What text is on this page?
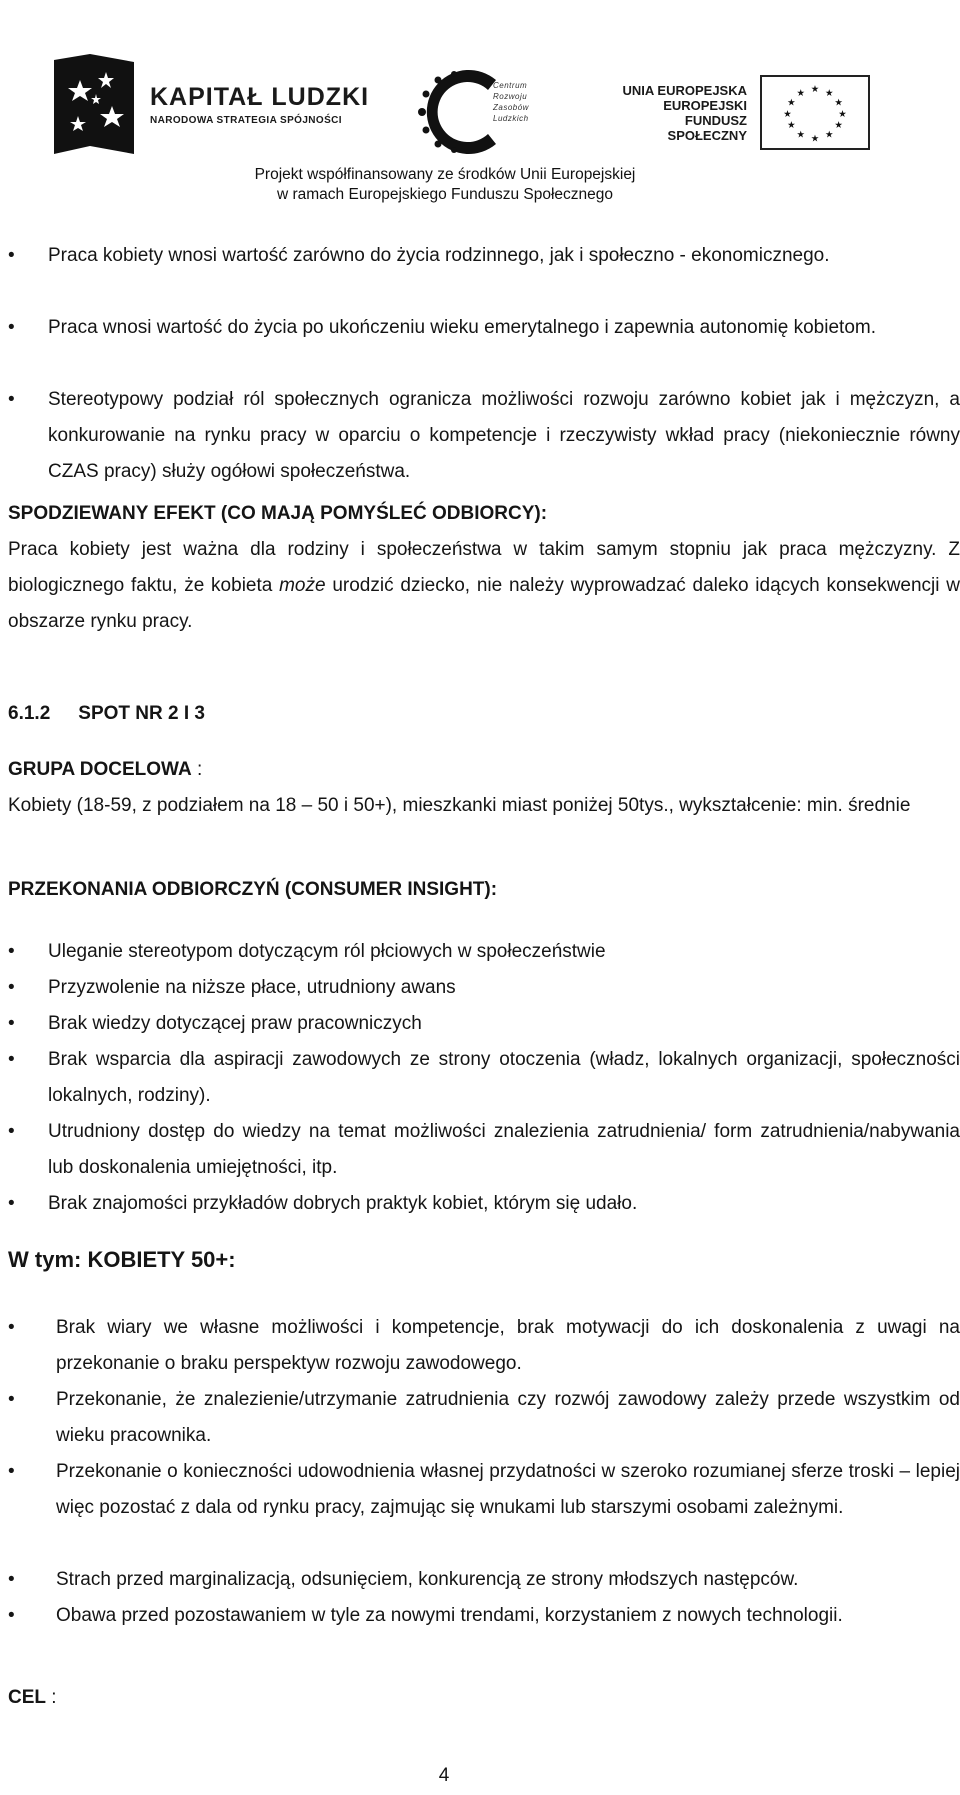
KAPITAŁ LUDZKI
NARODOWA STRATEGIA SPÓJNOŚCI
Centrum
Rozwoju
Zasobów
Ludzkich
UNIA EUROPEJSKA
EUROPEJSKI
FUNDUSZ SPOŁECZNY
★ ★
★
★
★
★
★
★
★
★
★
★
Projekt współfinansowany ze środków Unii Europejskiej
w ramach Europejskiego Funduszu Społecznego
• Praca kobiety wnosi wartość zarówno do życia rodzinnego, jak i społeczno - ekonomicznego.
• Praca wnosi wartość do życia po ukończeniu wieku emerytalnego i zapewnia autonomię kobietom.
• Stereotypowy podział ról społecznych ogranicza możliwości rozwoju zarówno kobiet jak i mężczyzn, a konkurowanie na rynku pracy w oparciu o kompetencje i rzeczywisty wkład pracy (niekoniecznie równy CZAS pracy) służy ogółowi społeczeństwa.
SPODZIEWANY EFEKT (CO MAJĄ POMYŚLEĆ ODBIORCY):
Praca kobiety jest ważna dla rodziny i społeczeństwa w takim samym stopniu jak praca mężczyzny. Z biologicznego faktu, że kobieta może urodzić dziecko, nie należy wyprowadzać daleko idących konsekwencji w obszarze rynku pracy.
6.1.2 SPOT NR 2 I 3
GRUPA DOCELOWA :
Kobiety (18-59, z podziałem na 18 – 50 i 50+), mieszkanki miast poniżej 50tys., wykształcenie: min. średnie
PRZEKONANIA ODBIORCZYŃ (CONSUMER INSIGHT):
• Uleganie stereotypom dotyczącym ról płciowych w społeczeństwie
• Przyzwolenie na niższe płace, utrudniony awans
• Brak wiedzy dotyczącej praw pracowniczych
• Brak wsparcia dla aspiracji zawodowych ze strony otoczenia (władz, lokalnych organizacji, społeczności lokalnych, rodziny).
• Utrudniony dostęp do wiedzy na temat możliwości znalezienia zatrudnienia/ form zatrudnienia/nabywania lub doskonalenia umiejętności, itp.
• Brak znajomości przykładów dobrych praktyk kobiet, którym się udało.
W tym: KOBIETY 50+:
• Brak wiary we własne możliwości i kompetencje, brak motywacji do ich doskonalenia z uwagi na przekonanie o braku perspektyw rozwoju zawodowego.
• Przekonanie, że znalezienie/utrzymanie zatrudnienia czy rozwój zawodowy zależy przede wszystkim od wieku pracownika.
• Przekonanie o konieczności udowodnienia własnej przydatności w szeroko rozumianej sferze troski – lepiej więc pozostać z dala od rynku pracy, zajmując się wnukami lub starszymi osobami zależnymi.
• Strach przed marginalizacją, odsunięciem, konkurencją ze strony młodszych następców.
• Obawa przed pozostawaniem w tyle za nowymi trendami, korzystaniem z nowych technologii.
CEL :
4
